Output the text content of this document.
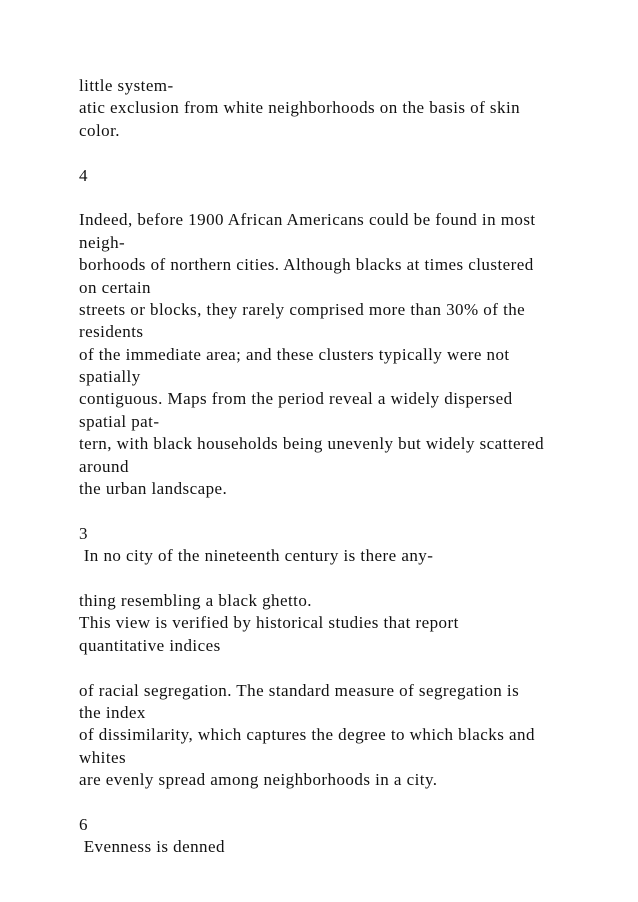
little system-
atic exclusion from white neighborhoods on the basis of skin
color.
4
Indeed, before 1900 African Americans could be found in most
neigh-
borhoods of northern cities. Although blacks at times clustered
on certain
streets or blocks, they rarely comprised more than 30% of the
residents
of the immediate area; and these clusters typically were not
spatially
contiguous. Maps from the period reveal a widely dispersed
spatial pat-
tern, with black households being unevenly but widely scattered
around
the urban landscape.
3
In no city of the nineteenth century is there any-
thing resembling a black ghetto.
This view is verified by historical studies that report
quantitative indices
of racial segregation. The standard measure of segregation is
the index
of dissimilarity, which captures the degree to which blacks and
whites
are evenly spread among neighborhoods in a city.
6
Evenness is denned
